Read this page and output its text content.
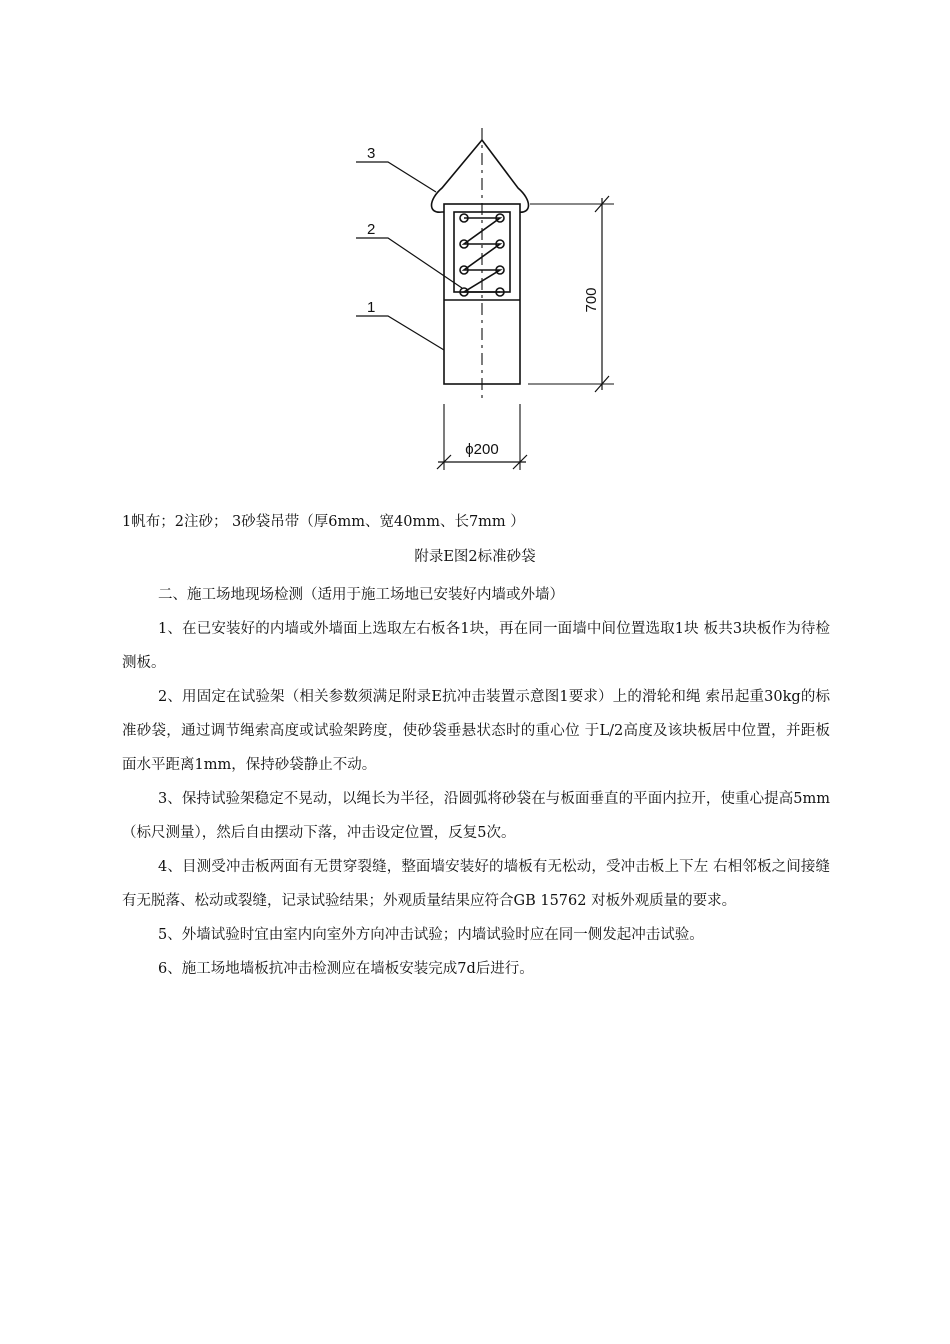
3
2
1	700
ϕ200
1帆布；2注砂； 3砂袋吊带（厚6mm、宽40mm、长7mm ）
附录E图2标准砂袋

二、施工场地现场检测（适用于施工场地已安装好内墙或外墙）

1、在已安装好的内墙或外墙面上选取左右板各1块，再在同一面墙中间位置选取1块 板共3块板作为待检测板。

2、用固定在试验架（相关参数须满足附录E抗冲击装置示意图1要求）上的滑轮和绳 索吊起重30kg的标准砂袋，通过调节绳索高度或试验架跨度，使砂袋垂悬状态时的重心位 于L/2高度及该块板居中位置，并距板面水平距离1mm，保持砂袋静止不动。

3、保持试验架稳定不晃动，以绳长为半径，沿圆弧将砂袋在与板面垂直的平面内拉开，使重心提高5mm （标尺测量），然后自由摆动下落，冲击设定位置，反复5次。

4、目测受冲击板两面有无贯穿裂缝，整面墙安装好的墙板有无松动，受冲击板上下左 右相邻板之间接缝有无脱落、松动或裂缝，记录试验结果；外观质量结果应符合GB 15762 对板外观质量的要求。

5、外墙试验时宜由室内向室外方向冲击试验；内墙试验时应在同一侧发起冲击试验。

6、施工场地墙板抗冲击检测应在墙板安装完成7d后进行。
